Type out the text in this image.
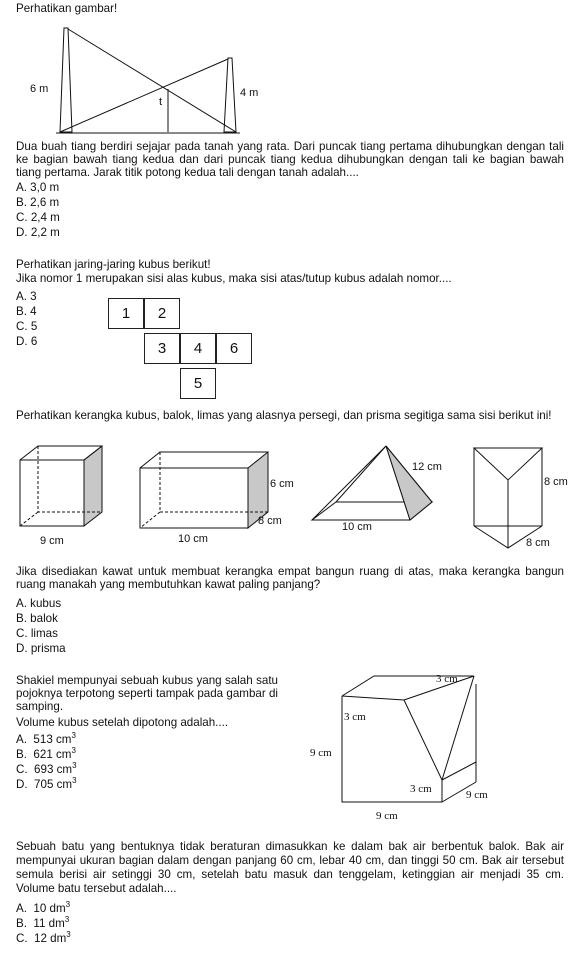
Perhatikan gambar!
6 m	4 m
t
Dua buah tiang berdiri sejajar pada tanah yang rata. Dari puncak tiang pertama dihubungkan dengan tali ke bagian bawah tiang kedua dan dari puncak tiang kedua dihubungkan dengan tali ke bagian bawah tiang pertama. Jarak titik potong kedua tali dengan tanah adalah....
A. 3,0 m
B. 2,6 m
C. 2,4 m
D. 2,2 m
Perhatikan jaring-jaring kubus berikut!
Jika nomor 1 merupakan sisi alas kubus, maka sisi atas/tutup kubus adalah nomor....
A. 3
B. 4
C. 5
D. 6
1	2
3	4	6
5
Perhatikan kerangka kubus, balok, limas yang alasnya persegi, dan prisma segitiga sama sisi berikut ini!
9 cm
6 cm
8 cm
10 cm
12 cm
10 cm
8 cm
8 cm
Jika disediakan kawat untuk membuat kerangka empat bangun ruang di atas, maka kerangka bangun ruang manakah yang membutuhkan kawat paling panjang?
A. kubus
B. balok
C. limas
D. prisma
Shakiel mempunyai sebuah kubus yang salah satu pojoknya terpotong seperti tampak pada gambar di samping.
Volume kubus setelah dipotong adalah....
A. 513 $cm^3$
B. 621 $cm^3$
C. 693 $cm^3$
D. 705 $cm^3$
3 cm
3 cm
9 cm
3 cm	9 cm
9 cm
Sebuah batu yang bentuknya tidak beraturan dimasukkan ke dalam bak air berbentuk balok. Bak air mempunyai ukuran bagian dalam dengan panjang 60 cm, lebar 40 cm, dan tinggi 50 cm. Bak air tersebut semula berisi air setinggi 30 cm, setelah batu masuk dan tenggelam, ketinggian air menjadi 35 cm. Volume batu tersebut adalah....
A. 10 $dm^3$
B. 11 $dm^3$
C. 12 $dm^3$
